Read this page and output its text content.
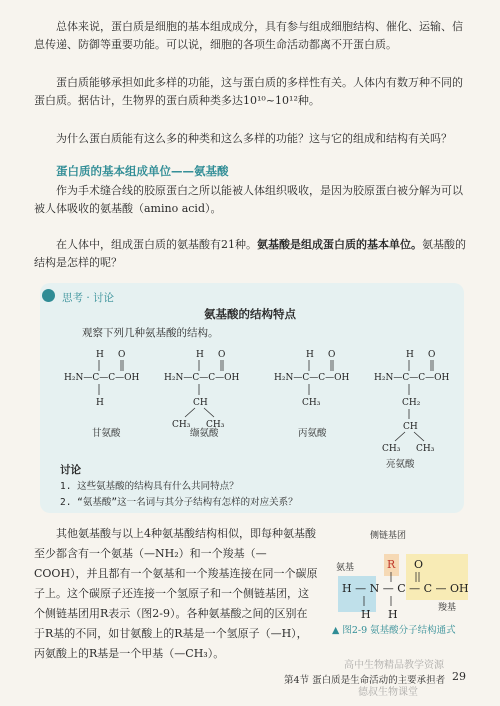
总体来说，蛋白质是细胞的基本组成成分，具有参与组成细胞结构、催化、运输、信息传递、防御等重要功能。可以说，细胞的各项生命活动都离不开蛋白质。

蛋白质能够承担如此多样的功能，这与蛋白质的多样性有关。人体内有数万种不同的蛋白质。据估计，生物界的蛋白质种类多达10¹⁰~10¹²种。

为什么蛋白质能有这么多的种类和这么多样的功能？这与它的组成和结构有关吗？

蛋白质的基本组成单位——氨基酸

作为手术缝合线的胶原蛋白之所以能被人体组织吸收，是因为胶原蛋白被分解为可以被人体吸收的氨基酸（amino acid）。

在人体中，组成蛋白质的氨基酸有21种。氨基酸是组成蛋白质的基本单位。氨基酸的结构是怎样的呢？

思考 · 讨论
氨基酸的结构特点
观察下列几种氨基酸的结构。
H O
H₂N—C—C—OH
H
H O
H₂N—C—C—OH
CH
CH₃ CH₃
H O
H₂N—C—C—OH
CH₃
H O
H₂N—C—C—OH
CH₂
CH
CH₃ CH₃
甘氨酸	缬氨酸	丙氨酸
亮氨酸
讨论
1. 这些氨基酸的结构具有什么共同特点？
2. “氨基酸”这一名词与其分子结构有怎样的对应关系？

其他氨基酸与以上4种氨基酸结构相似，即每种氨基酸至少都含有一个氨基（—NH₂）和一个羧基（—COOH），并且都有一个氨基和一个羧基连接在同一个碳原子上。这个碳原子还连接一个氢原子和一个侧链基团，这个侧链基团用R表示（图2-9）。各种氨基酸之间的区别在于R基的不同，如甘氨酸上的R基是一个氢原子（—H），丙氨酸上的R基是一个甲基（—CH₃）。

R O
H — N — C — C — OH
H H
侧链基团
氨基
羧基
▲ 图2-9 氨基酸分子结构通式
第4节 蛋白质是生命活动的主要承担者 29
高中生物精品教学资源
德叔生物课堂
